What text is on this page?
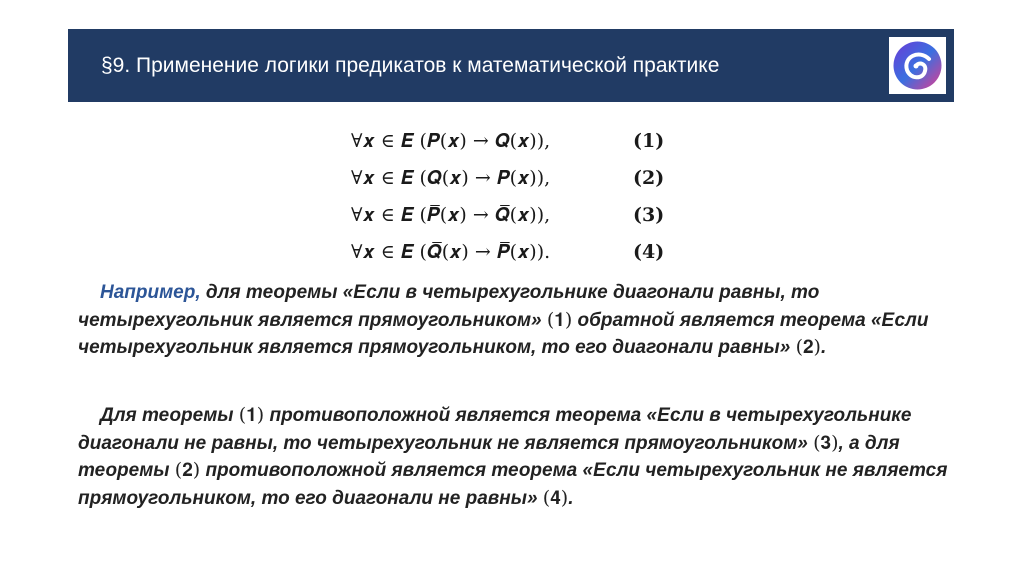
§9. Применение логики предикатов к математической практике
∀𝒙 ∈ 𝑬 (𝑷(𝒙) → 𝑸(𝒙)),	(𝟏)
∀𝒙 ∈ 𝑬 (𝑸(𝒙) → 𝑷(𝒙)),	(𝟐)
∀𝒙 ∈ 𝑬 (𝑷̅(𝒙) → 𝑸̅(𝒙)),	(𝟑)
∀𝒙 ∈ 𝑬 (𝑸̅(𝒙) → 𝑷̅(𝒙)).	(𝟒)
Например, для теоремы «Если в четырехугольнике диагонали равны, то четырехугольник является прямоугольником» (𝟏) обратной является теорема «Если четырехугольник является прямоугольником, то его диагонали равны» (𝟐).
Для теоремы (𝟏) противоположной является теорема «Если в четырехугольнике диагонали не равны, то четырехугольник не является прямоугольником» (𝟑), а для теоремы (𝟐) противоположной является теорема «Если четырехугольник не является прямоугольником, то его диагонали не равны» (𝟒).
